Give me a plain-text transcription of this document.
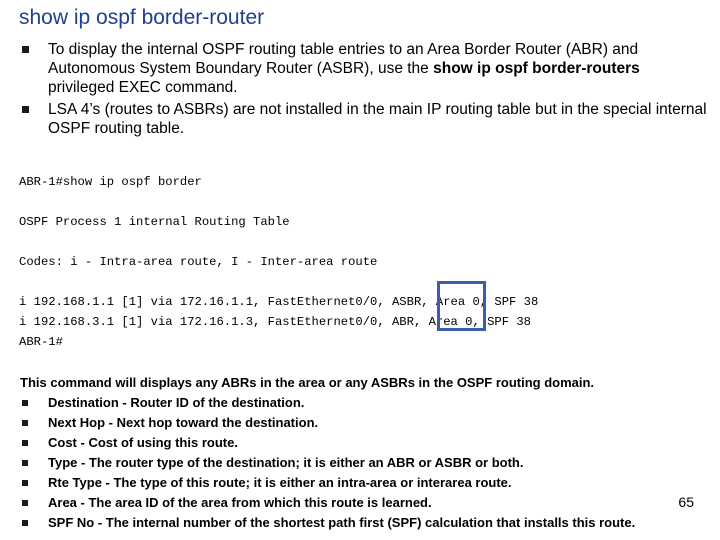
show ip ospf border-router
To display the internal OSPF routing table entries to an Area Border Router (ABR) and Autonomous System Boundary Router (ASBR), use the show ip ospf border-routers privileged EXEC command.
LSA 4’s (routes to ASBRs) are not installed in the main IP routing table but in the special internal OSPF routing table.
ABR-1#show ip ospf border
OSPF Process 1 internal Routing Table
Codes: i - Intra-area route, I - Inter-area route
i 192.168.1.1 [1] via 172.16.1.1, FastEthernet0/0, ASBR, Area 0, SPF 38
i 192.168.3.1 [1] via 172.16.1.3, FastEthernet0/0, ABR, Area 0, SPF 38
ABR-1#
This command will displays any ABRs in the area or any ASBRs in the OSPF routing domain.
Destination - Router ID of the destination.
Next Hop - Next hop toward the destination.
Cost - Cost of using this route.
Type - The router type of the destination; it is either an ABR or ASBR or both.
Rte Type - The type of this route; it is either an intra-area or interarea route.
Area - The area ID of the area from which this route is learned.
SPF No - The internal number of the shortest path first (SPF) calculation that installs this route.
65
